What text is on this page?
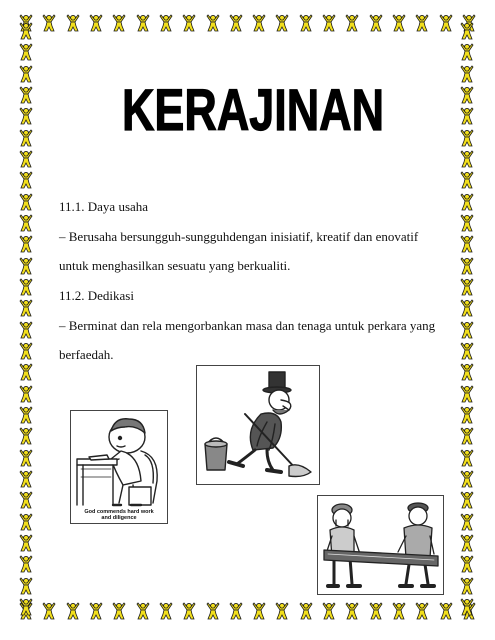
KERAJINAN
11.1. Daya usaha
– Berusaha bersungguh-sungguhdengan inisiatif, kreatif dan enovatif
untuk menghasilkan sesuatu yang berkualiti.
11.2. Dedikasi
– Berminat dan rela mengorbankan masa dan tenaga untuk perkara yang
berfaedah.
God commends hard work
and diligence
